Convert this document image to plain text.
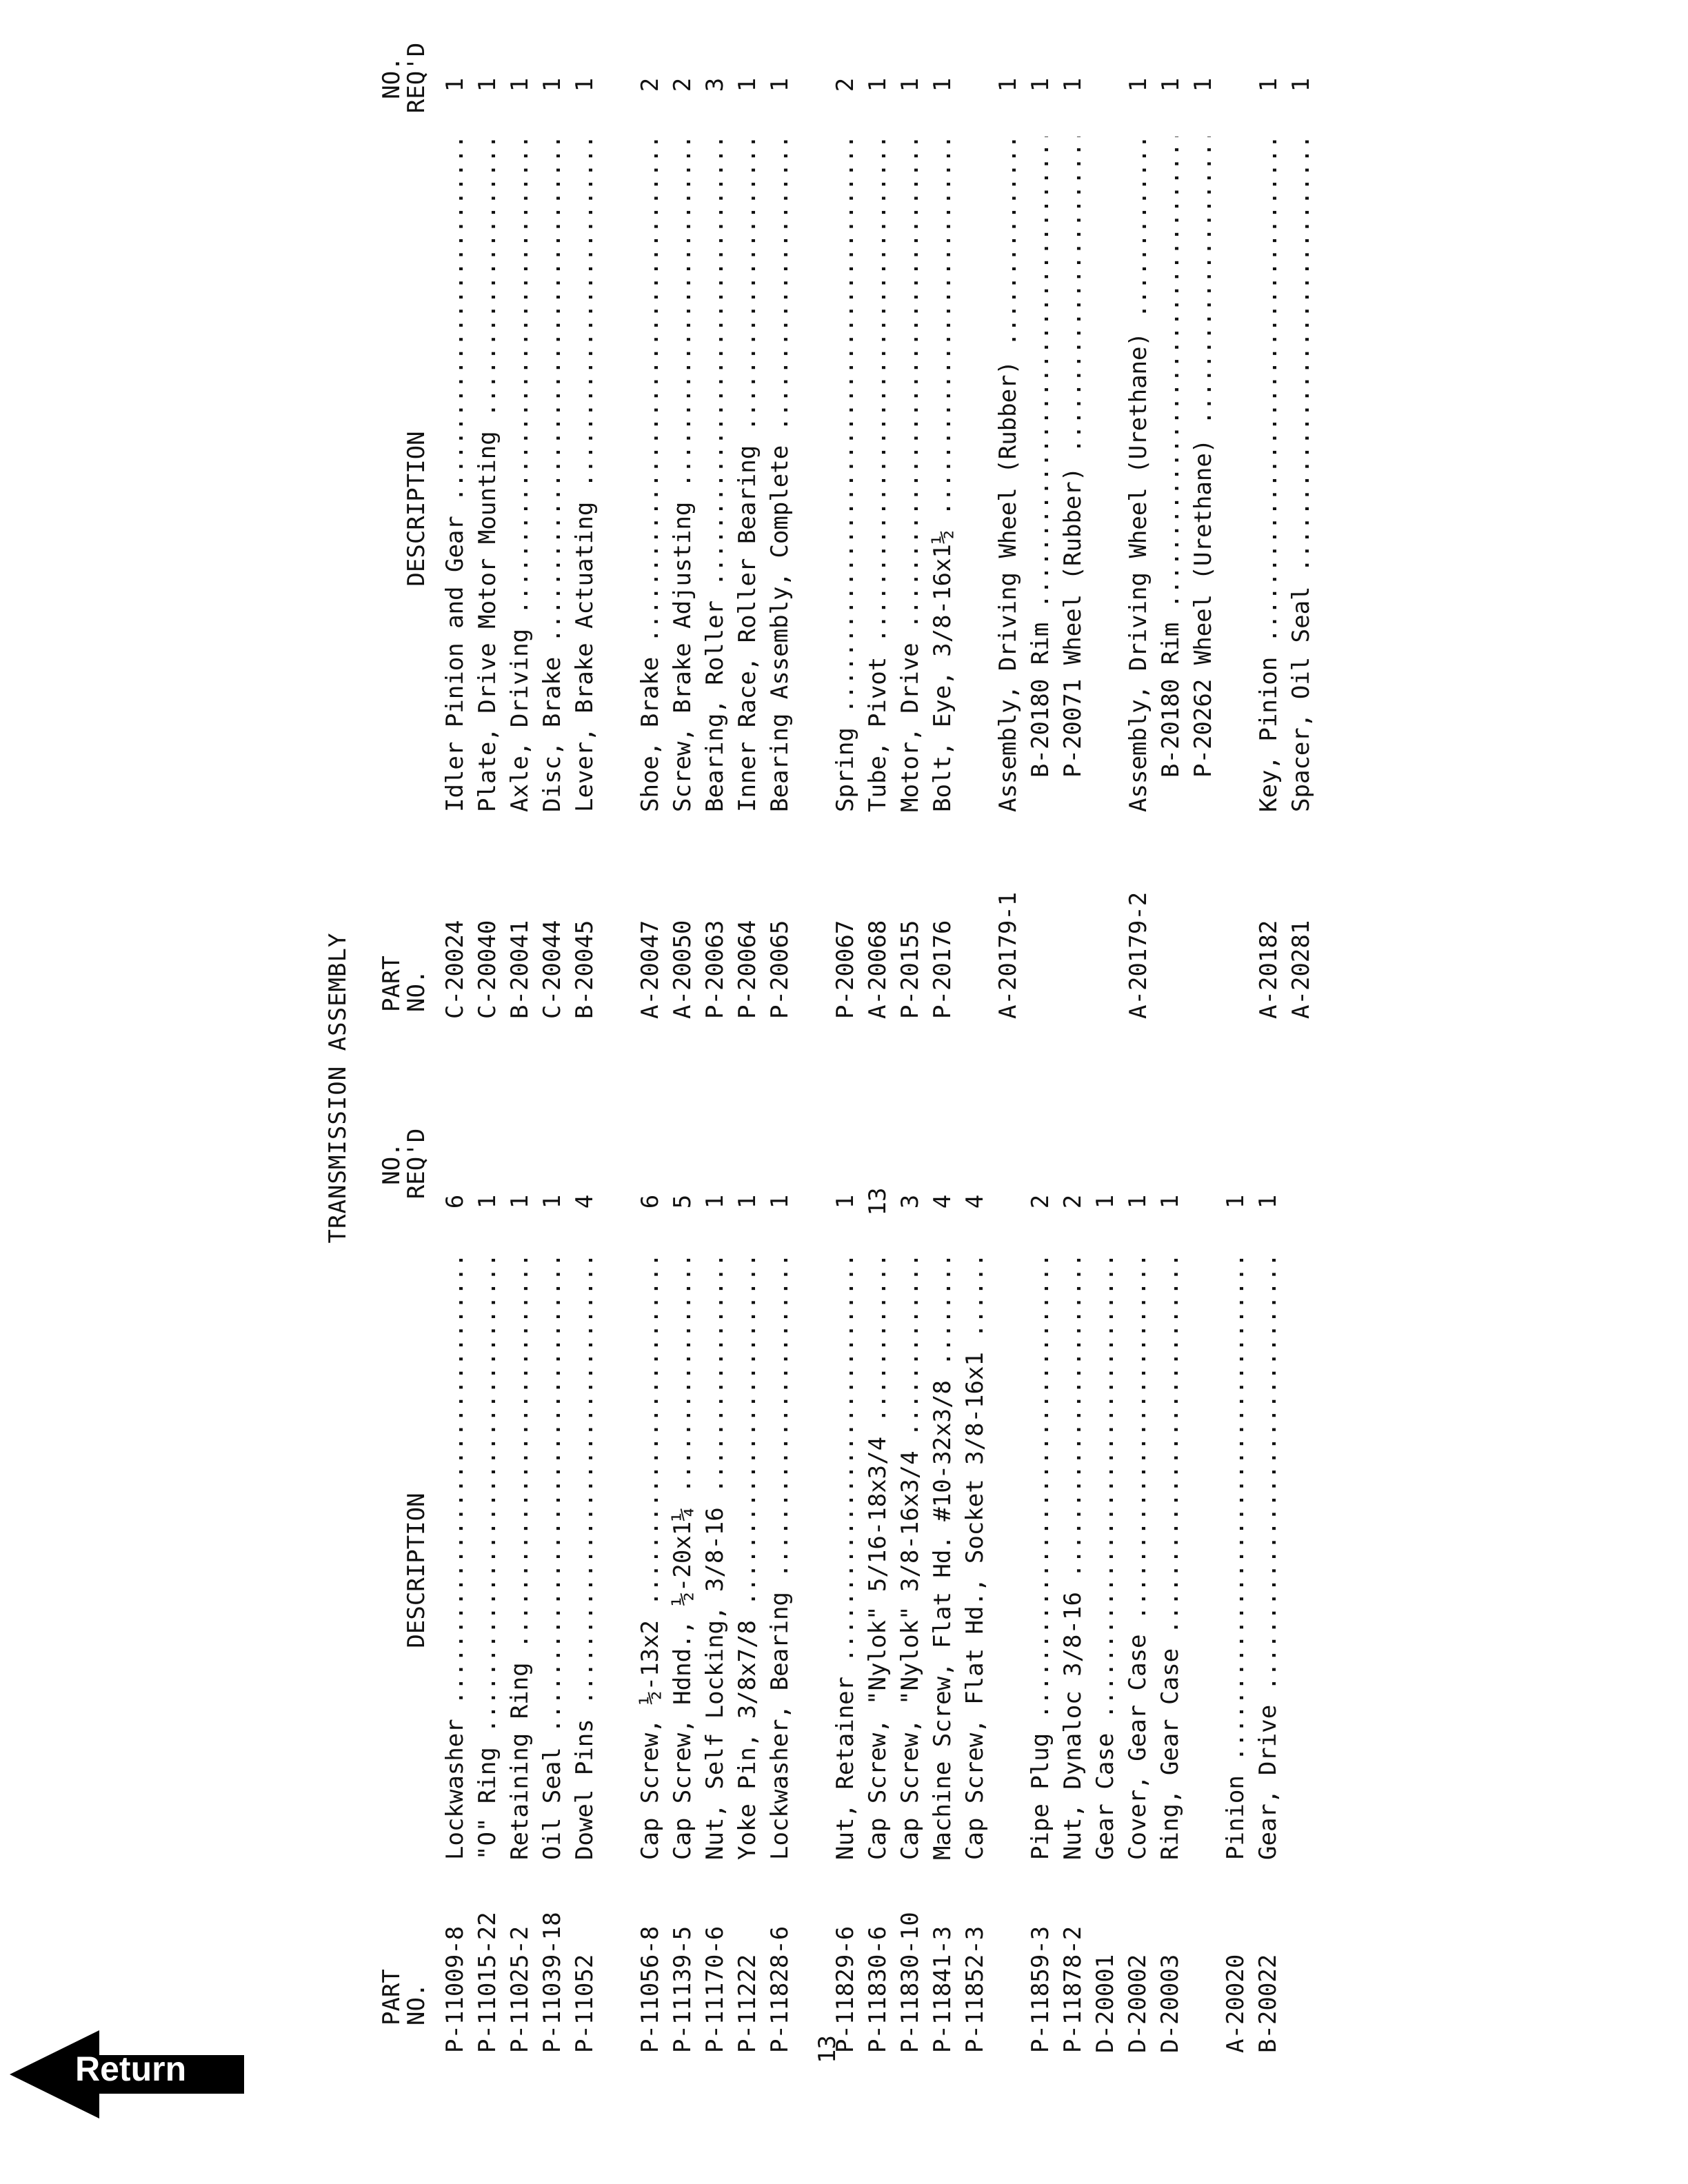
TRANSMISSION ASSEMBLY
PART
NO.
DESCRIPTION
NO.
REQ'D
P-11009-8
Lockwasher .....
6
P-11015-22
"O" Ring .....
1
P-11025-2
Retaining Ring .....
1
P-11039-18
Oil Seal .....
1
P-11052
Dowel Pins .....
4
P-11056-8
Cap Screw, ½-13x2 .....
6
P-11139-5
Cap Screw, Hdnd., ½-20x1¼ .....
5
P-11170-6
Nut, Self Locking, 3/8-16 .....
1
P-11222
Yoke Pin, 3/8x7/8 .....
1
P-11828-6
Lockwasher, Bearing .....
1
P-11829-6
Nut, Retainer .....
1
P-11830-6
Cap Screw, "Nylok" 5/16-18x3/4 .....
13
P-11830-10
Cap Screw, "Nylok" 3/8-16x3/4 .....
3
P-11841-3
Machine Screw, Flat Hd. #10-32x3/8 .....
4
P-11852-3
Cap Screw, Flat Hd., Socket 3/8-16x1 .....
4
P-11859-3
Pipe Plug .....
2
P-11878-2
Nut, Dynaloc 3/8-16 .....
2
D-20001
Gear Case .....
1
D-20002
Cover, Gear Case .....
1
D-20003
Ring, Gear Case .....
1
A-20020
Pinion .....
1
B-20022
Gear, Drive .....
1
PART
NO.
DESCRIPTION
NO.
REQ'D
C-20024
Idler Pinion and Gear .....
1
C-20040
Plate, Drive Motor Mounting .....
1
B-20041
Axle, Driving .....
1
C-20044
Disc, Brake .....
1
B-20045
Lever, Brake Actuating .....
1
A-20047
Shoe, Brake .....
2
A-20050
Screw, Brake Adjusting .....
2
P-20063
Bearing, Roller .....
3
P-20064
Inner Race, Roller Bearing .....
1
P-20065
Bearing Assembly, Complete .....
1
P-20067
Spring .....
2
A-20068
Tube, Pivot .....
1
P-20155
Motor, Drive .....
1
P-20176
Bolt, Eye, 3/8-16x1½ .....
1
A-20179-1
Assembly, Driving Wheel (Rubber) .....
1
B-20180 Rim .....
1
P-20071 Wheel (Rubber) .....
1
A-20179-2
Assembly, Driving Wheel (Urethane) .....
1
B-20180 Rim .....
1
P-20262 Wheel (Urethane) .....
1
A-20182
Key, Pinion .....
1
A-20281
Spacer, Oil Seal .....
1
13
Return
